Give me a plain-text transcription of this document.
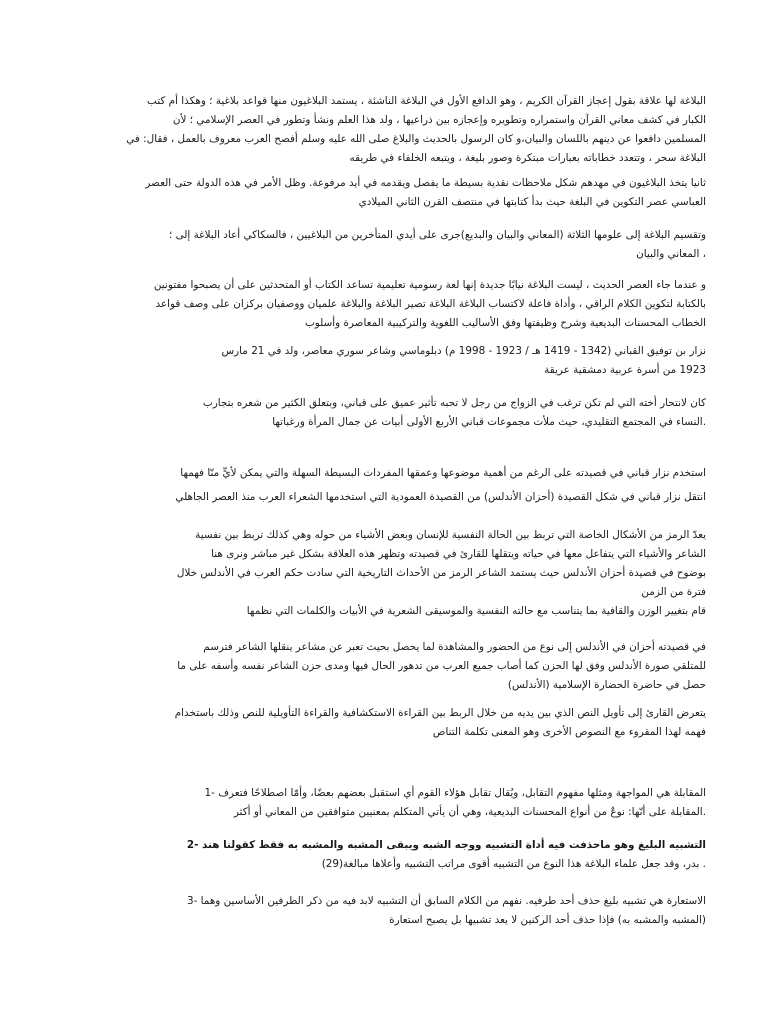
البلاغة لها علاقة بقول إعجاز القرآن الكريم ، وهو الدافع الأول في البلاغة الناشئة ، يستمد البلاغيون منها قواعد بلاغية ؛ وهكذا أم كتب
الكبار في كشف معاني القرآن واستمراره وتطويره وإعجازه بين ذراعيها ، ولد هذا العلم ونشأ وتطور في العصر الإسلامي ؛ لأن
المسلمين دافعوا عن دينهم باللسان والبيان،و كان الرسول بالحديث والبلاغ صلى الله عليه وسلم أفصح العرب معروف بالعمل ، فقال: في
البلاغة سحر ، وتتعدد خطاباته بعبارات مبتكرة وصور بليغة ، ويتبعه الخلفاء في طريقه
ثانيا يتخذ البلاغيون في مهدهم شكل ملاحظات نقدية بسيطة ما يفصل ويقدمه في أيد مرفوعة. وظل الأمر في هذه الدولة حتى العصر
العباسي عصر التكوين في البلغة حيث بدأ كتابتها في منتصف القرن الثاني الميلادي
وتقسيم البلاغة إلى علومها الثلاثة (المعاني والبيان والبديع)جرى على أيدي المتأخرين من البلاغيين ، فالسكاكي أعاد البلاغة إلى ؛
، المعاني والبيان
و عندما جاء العصر الحديث ، ليست البلاغة نيابًا جديدة إنها لعة رسومية تعليمية تساعد الكتاب أو المتحدثين على أن يصبحوا مفتونين
بالكتابة لتكوين الكلام الراقي ، وأداة فاعلة لاكتساب البلاغة البلاغة تصير البلاغة والبلاغة علميان ووصفيان بركزان على وصف قواعد
الخطاب المحسنات البديعية وشرح وظيفتها وفق الأساليب اللغوية والتركيبية المعاصرة وأسلوب
نزار بن توفيق القباني (1342 - 1419 هـ / 1923 - 1998 م) دبلوماسي وشاعر سوري معاصر، ولد في 21 مارس
1923 من أسرة عربية دمشقية عريقة
كان لانتحار أخته التي لم تكن ترغب في الزواج من رجل لا تحبه تأثير عميق على قباني، وبتعلق الكثير من شعره بتجارب
.النساء في المجتمع التقليدي، حيث ملأت مجموعات قباني الأربع الأولى أبيات عن جمال المرأة ورغباتها
استخدم نزار قباني في قصيدته على الرغم من أهمية موضوعها وعمقها المفردات البسيطة السهلة والتي يمكن لأيٍّ منّا فهمها
انتقل نزار قباني في شكل القصيدة (أحزان الأندلس) من القصيدة العمودية التي استخدمها الشعراء العرب منذ العصر الجاهلي
يعدّ الرمز من الأشكال الخاصة التي تربط بين الحالة النفسية للإنسان وبعض الأشياء من حوله وهي كذلك تربط بين نفسية
الشاعر والأشياء التي يتفاعل معها في حياته ويتقلها للقارئ في قصيدته وتظهر هذه العلاقة بشكل غير مباشر ونرى هنا
بوضوح في قصيدة أحزان الأندلس حيث يستمد الشاعر الرمز من الأحداث التاريخية التي سادت حكم العرب في الأندلس خلال
فترة من الزمن
قام بتغيير الوزن والقافية بما يتناسب مع حالته النفسية والموسيقى الشعرية في الأبيات والكلمات التي نظمها
في قصيدته أحزان في الأندلس إلى نوع من الحضور والمشاهدة لما يحصل بحيث تعبر عن مشاعر ينقلها الشاعر فترسم
للمتلقي صورة الأندلس وفق لها الحزن كما أصاب جميع العرب من تدهور الحال فيها ومدى حزن الشاعر نفسه وأسفه على ما
حصل في حاضرة الحضارة الإسلامية (الأندلس)
يتعرض القارئ إلى تأويل النص الذي بين يديه من خلال الربط بين القراءة الاستكشافية والقراءة التأويلية للنص وذلك باستخدام
فهمه لهذا المقروء مع النصوص الأخرى وهو المعنى تكلمة التناص
المقابلة هي المواجهة ومثلها مفهوم التقابل، ويُقال تقابل هؤلاء القوم أي استقبل بعضهم بعضًا، وأمّا اصطلاحًا فتعرف -1
.المقابلة على أنّها: نوعٌ من أنواع المحسنات البديعية، وهي أن يأتي المتكلم بمعنيين متوافقين من المعاني أو أكثر
التشبيه البليغ وهو ماحذفت فيه أداة التشبيه ووجه الشبه ويبقى المشبه والمشبه به فقط كقولنا هند -2
. بدر، وقد جعل علماء البلاغة هذا النوع من التشبيه أقوى مراتب التشبيه وأعلاها مبالغة(29)
الاستعارة هي تشبيه بليغ حذف أحد طرفيه. نفهم من الكلام السابق أن التشبيه لابد فيه من ذكر الطرفين الأساسين وهما -3
(المشبه والمشبه به) فإذا حذف أحد الركنين لا يعد تشبيها بل يصبح استعارة
